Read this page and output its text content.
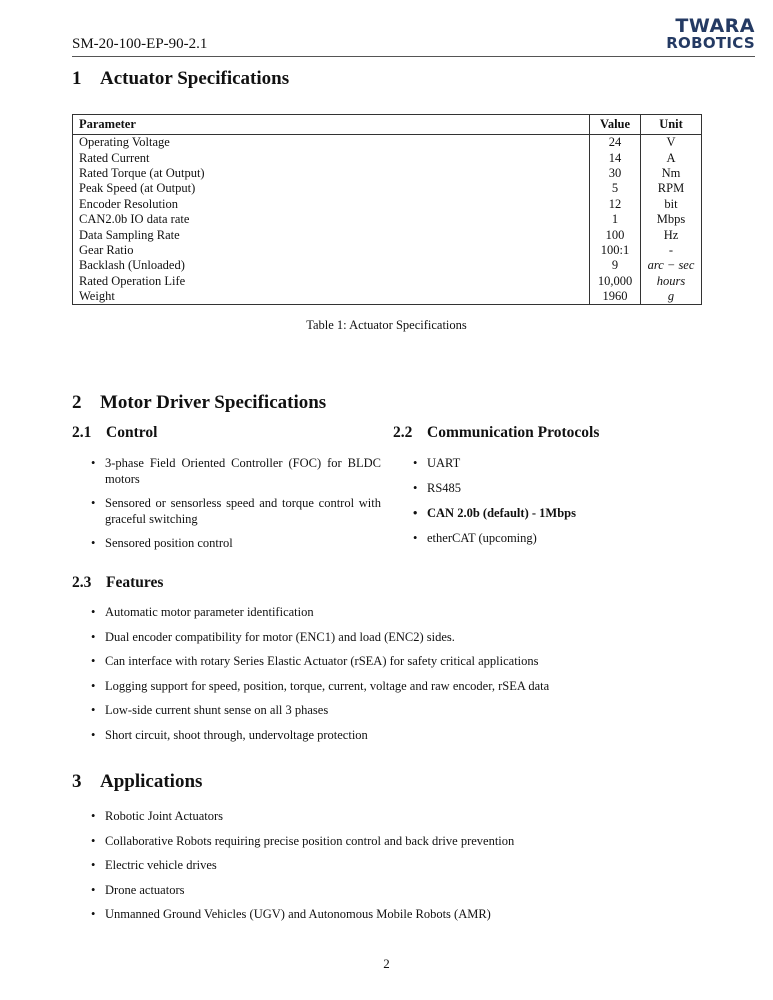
SM-20-100-EP-90-2.1
TWARA
ROBOTICS
1 Actuator Specifications
Parameter	Value	Unit
Operating Voltage	24	V
Rated Current	14	A
Rated Torque (at Output)	30	Nm
Peak Speed (at Output)	5	RPM
Encoder Resolution	12	bit
CAN2.0b IO data rate	1	Mbps
Data Sampling Rate	100	Hz
Gear Ratio	100:1	-
Backlash (Unloaded)	9	arc − sec
Rated Operation Life	10,000	hours
Weight	1960	g
Table 1: Actuator Specifications
2 Motor Driver Specifications
2.1 Control	2.2 Communication Protocols
• 3-phase Field Oriented Controller (FOC) for BLDC motors
• Sensored or sensorless speed and torque control with graceful switching
• Sensored position control
• UART
• RS485
• CAN 2.0b (default) - 1Mbps
• etherCAT (upcoming)
2.3 Features
• Automatic motor parameter identification
• Dual encoder compatibility for motor (ENC1) and load (ENC2) sides.
• Can interface with rotary Series Elastic Actuator (rSEA) for safety critical applications
• Logging support for speed, position, torque, current, voltage and raw encoder, rSEA data
• Low-side current shunt sense on all 3 phases
• Short circuit, shoot through, undervoltage protection
3 Applications
• Robotic Joint Actuators
• Collaborative Robots requiring precise position control and back drive prevention
• Electric vehicle drives
• Drone actuators
• Unmanned Ground Vehicles (UGV) and Autonomous Mobile Robots (AMR)
2
